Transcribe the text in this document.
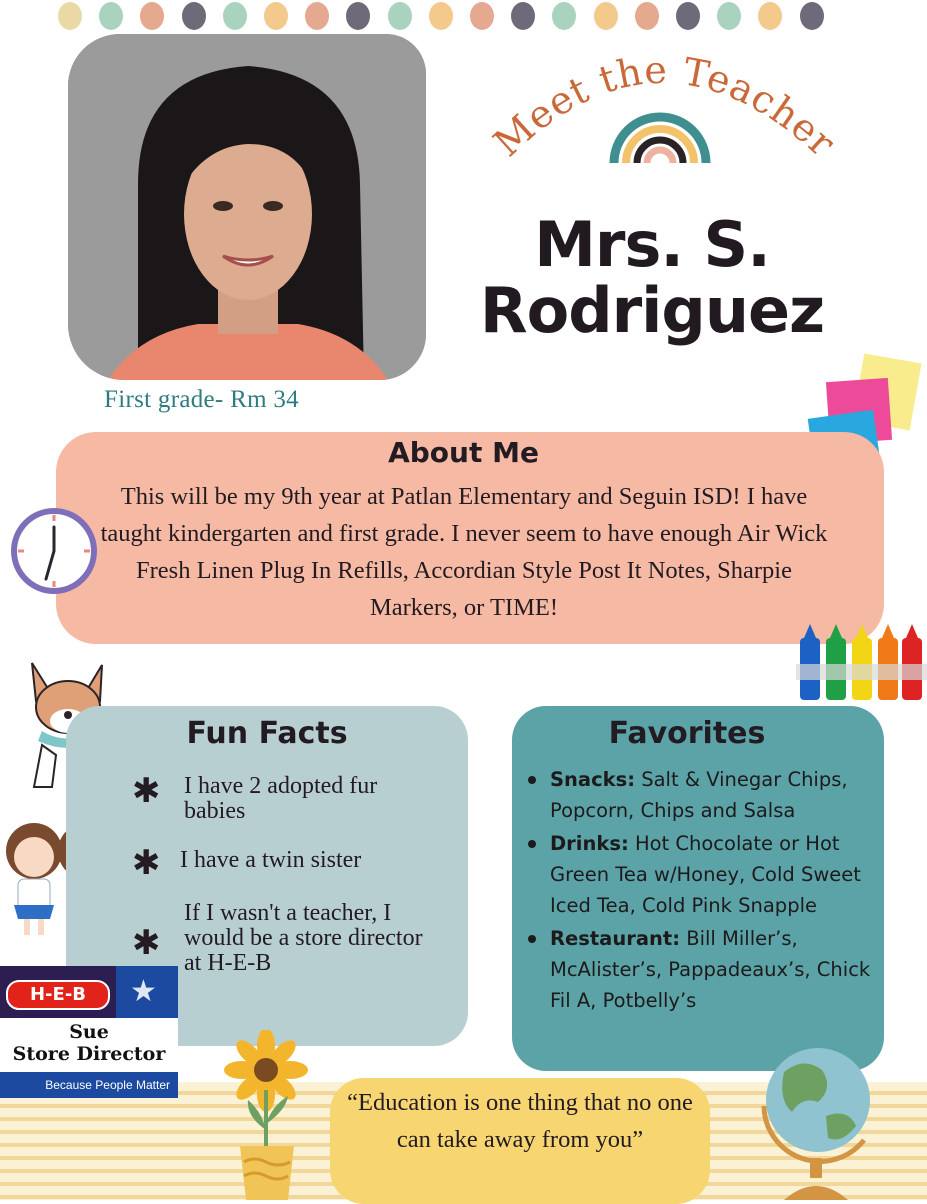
First grade- Rm 34
Meet the Teacher
Mrs. S.
Rodriguez
About Me
This will be my 9th year at Patlan Elementary and Seguin ISD! I have taught kindergarten and first grade. I never seem to have enough Air Wick Fresh Linen Plug In Refills, Accordian Style Post It Notes, Sharpie Markers, or TIME!
Fun Facts
✱ I have 2 adopted fur babies
✱ I have a twin sister
✱
If I wasn't a teacher, I would be a store director at H-E-B
Favorites
Snacks: Salt & Vinegar Chips, Popcorn, Chips and Salsa
Drinks: Hot Chocolate or Hot Green Tea w/Honey, Cold Sweet Iced Tea, Cold Pink Snapple
Restaurant: Bill Miller’s, McAlister’s, Pappadeaux’s, Chick Fil A, Potbelly’s
H-E-B	★
Sue
Store Director
Because People Matter
“Education is one thing that no one can take away from you”
